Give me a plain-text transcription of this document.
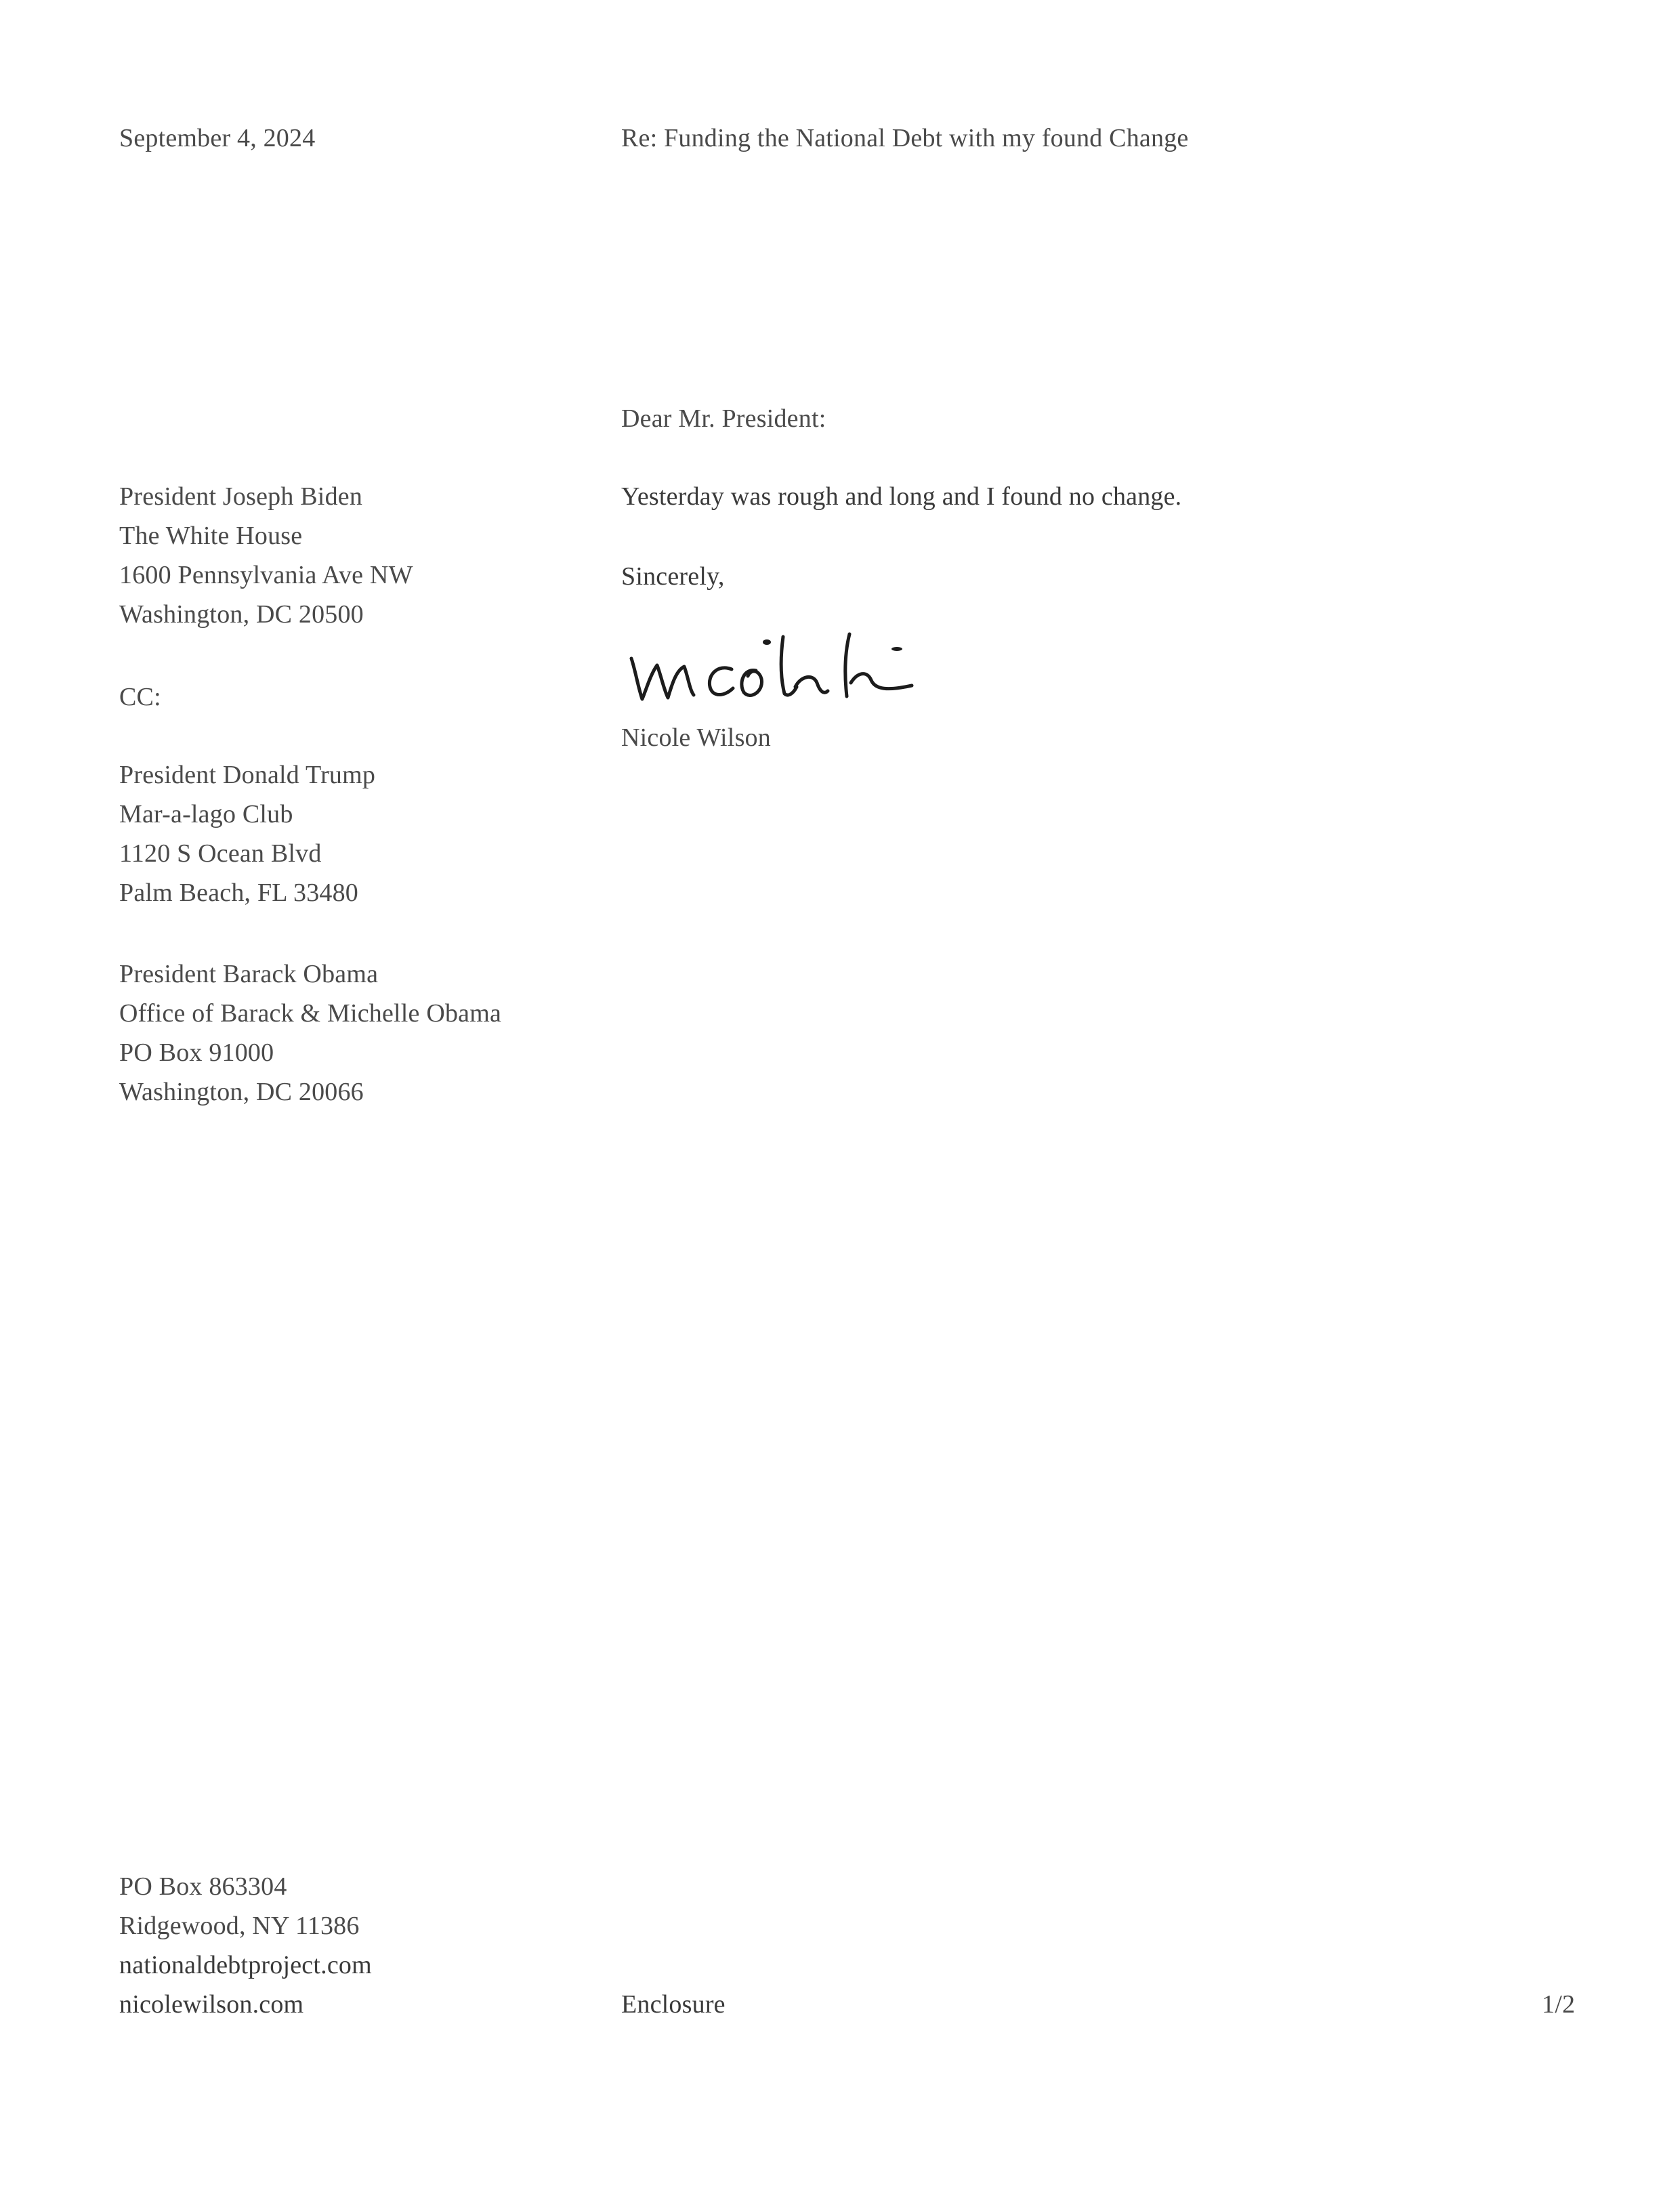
September 4, 2024	Re: Funding the National Debt with my found Change
Dear Mr. President:
President Joseph Biden
The White House
1600 Pennsylvania Ave NW
Washington, DC 20500
Yesterday was rough and long and I found no change.
Sincerely,
Nicole Wilson
CC:
President Donald Trump
Mar-a-lago Club
1120 S Ocean Blvd
Palm Beach, FL 33480
President Barack Obama
Office of Barack & Michelle Obama
PO Box 91000
Washington, DC 20066
PO Box 863304
Ridgewood, NY 11386
nationaldebtproject.com
nicolewilson.com	Enclosure	1/2
